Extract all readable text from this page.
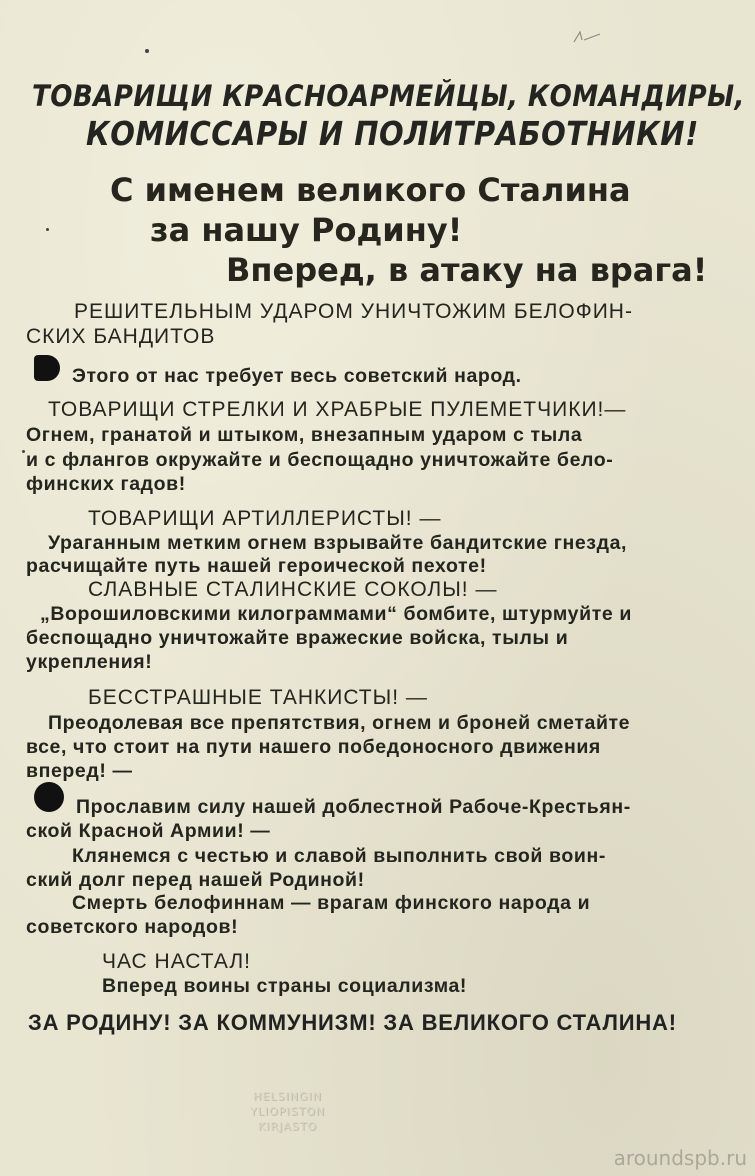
ТОВАРИЩИ КРАСНОАРМЕЙЦЫ, КОМАНДИРЫ,
КОМИССАРЫ И ПОЛИТРАБОТНИКИ!
С именем великого Сталина
за нашу Родину!
Вперед, в атаку на врага!
РЕШИТЕЛЬНЫМ УДАРОМ УНИЧТОЖИМ БЕЛОФИН-
СКИХ БАНДИТОВ
Этого от нас требует весь советский народ.
ТОВАРИЩИ СТРЕЛКИ И ХРАБРЫЕ ПУЛЕМЕТЧИКИ!—
Огнем, гранатой и штыком, внезапным ударом с тыла
и с флангов окружайте и беспощадно уничтожайте бело-
финских гадов!
ТОВАРИЩИ АРТИЛЛЕРИСТЫ! —
Ураганным метким огнем взрывайте бандитские гнезда,
расчищайте путь нашей героической пехоте!
СЛАВНЫЕ СТАЛИНСКИЕ СОКОЛЫ! —
„Ворошиловскими килограммами“ бомбите, штурмуйте и
беспощадно уничтожайте вражеские войска, тылы и
укрепления!
БЕССТРАШНЫЕ ТАНКИСТЫ! —
Преодолевая все препятствия, огнем и броней сметайте
все, что стоит на пути нашего победоносного движения
вперед! —
Прославим силу нашей доблестной Рабоче-Крестьян-
ской Красной Армии! —
Клянемся с честью и славой выполнить свой воин-
ский долг перед нашей Родиной!
Смерть белофиннам — врагам финского народа и
советского народов!
ЧАС НАСТАЛ!
Вперед воины страны социализма!
ЗА РОДИНУ! ЗА КОММУНИЗМ! ЗА ВЕЛИКОГО СТАЛИНА!
HELSINGIN
YLIOPISTON
KIRJASTO
aroundspb.ru
